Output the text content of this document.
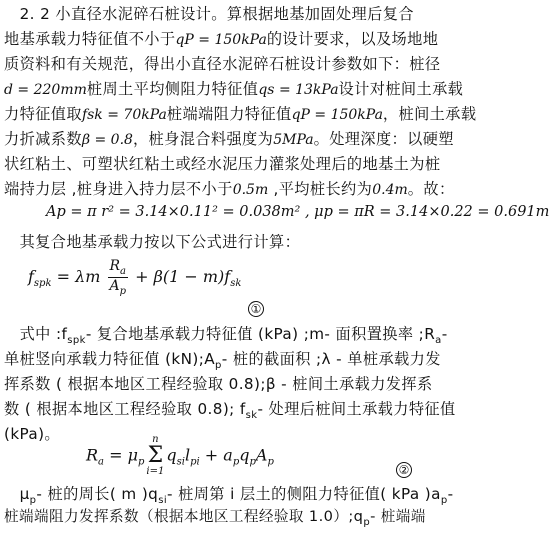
　2. 2 小直径水泥碎石桩设计。算根据地基加固处理后复合
地基承载力特征值不小于qP = 150kPa的设计要求，以及场地地
质资料和有关规范，得出小直径水泥碎石桩设计参数如下：桩径
d = 220mm桩周土平均侧阻力特征值qs = 13kPa设计对桩间土承载
力特征值取fsk = 70kPa桩端端阻力特征值qP = 150kPa，桩间土承载
力折减系数β = 0.8，桩身混合料强度为5MPa。处理深度：以硬塑
状红粘土、可塑状红粘土或经水泥压力灌浆处理后的地基土为桩
端持力层 ,桩身进入持力层不小于0.5m ,平均桩长约为0.4m。故：
Ap = π r² = 3.14×0.11² = 0.038m² , μp = πR = 3.14×0.22 = 0.691m
　其复合地基承载力按以下公式进行计算：
$f_{spk} = \lambda m \frac{R_a}{A_p} + \beta(1 - m)f_{sk}$
①
　式中 $:f_{spk}-$ 复合地基承载力特征值 (kPa) ;m- 面积置换率 $;R_a-$
单桩竖向承载力特征值 $(kN);A_p-$ 桩的截面积 ;λ - 单桩承载力发
挥系数 ( 根据本地区工程经验取 0.8);β - 桩间土承载力发挥系
数 ( 根据本地区工程经验取 0.8); $f_{sk}-$ 处理后桩间土承载力特征值
(kPa)。
$R_a = \mu_p$
n
Σ
i=1
$q_{si}l_{pi} + a_pq_pA_p$
②
　$\mu_p-$ 桩的周长( m )$q_{si}-$ 桩周第 i 层土的侧阻力特征值( kPa )$a_p-$
桩端端阻力发挥系数（根据本地区工程经验取 $1.0);q_p-$ 桩端端
